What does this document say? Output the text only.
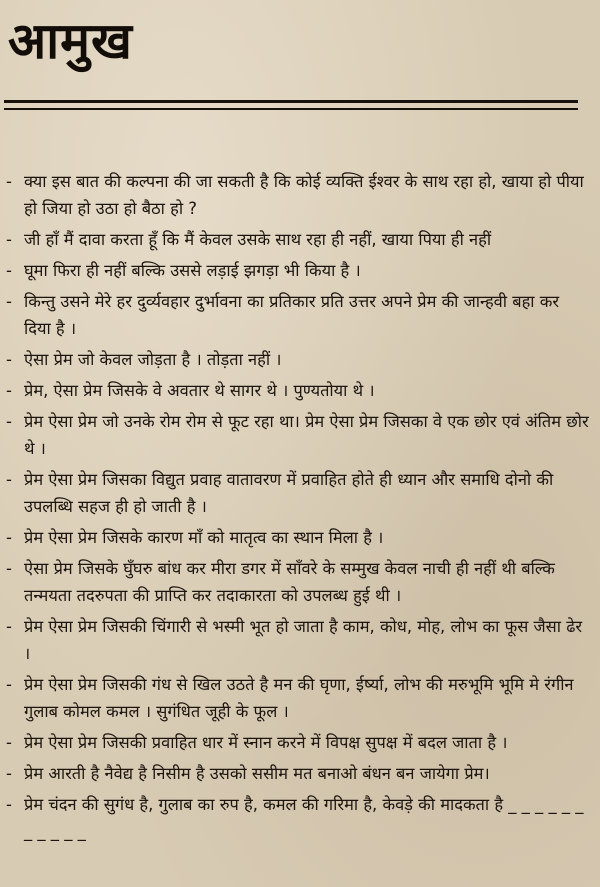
आमुख
- क्या इस बात की कल्पना की जा सकती है कि कोई व्यक्ति ईश्वर के साथ रहा हो, खाया हो पीया हो जिया हो उठा हो बैठा हो ?
- जी हाँ मैं दावा करता हूँ कि मैं केवल उसके साथ रहा ही नहीं, खाया पिया ही नहीं
- घूमा फिरा ही नहीं बल्कि उससे लड़ाई झगड़ा भी किया है ।
- किन्तु उसने मेरे हर दुर्व्यवहार दुर्भावना का प्रतिकार प्रति उत्तर अपने प्रेम की जान्हवी बहा कर दिया है ।
- ऐसा प्रेम जो केवल जोड़ता है । तोड़ता नहीं ।
- प्रेम, ऐसा प्रेम जिसके वे अवतार थे सागर थे । पुण्यतोया थे ।
- प्रेम ऐसा प्रेम जो उनके रोम रोम से फूट रहा था। प्रेम ऐसा प्रेम जिसका वे एक छोर एवं अंतिम छोर थे ।
- प्रेम ऐसा प्रेम जिसका विद्युत प्रवाह वातावरण में प्रवाहित होते ही ध्यान और समाधि दोनो की उपलब्धि सहज ही हो जाती है ।
- प्रेम ऐसा प्रेम जिसके कारण माँ को मातृत्व का स्थान मिला है ।
- ऐसा प्रेम जिसके घुँघरु बांध कर मीरा डगर में साँवरे के सम्मुख केवल नाची ही नहीं थी बल्कि तन्मयता तदरुपता की प्राप्ति कर तदाकारता को उपलब्ध हुई थी ।
- प्रेम ऐसा प्रेम जिसकी चिंगारी से भस्मी भूत हो जाता है काम, कोध, मोह, लोभ का फूस जैसा ढेर ।
- प्रेम ऐसा प्रेम जिसकी गंध से खिल उठते है मन की घृणा, ईर्ष्या, लोभ की मरुभूमि भूमि मे रंगीन गुलाब कोमल कमल । सुगंधित जूही के फूल ।
- प्रेम ऐसा प्रेम जिसकी प्रवाहित धार में स्नान करने में विपक्ष सुपक्ष में बदल जाता है ।
- प्रेम आरती है नैवेद्य है निसीम है उसको ससीम मत बनाओ बंधन बन जायेगा प्रेम।
- प्रेम चंदन की सुगंध है, गुलाब का रुप है, कमल की गरिमा है, केवड़े की मादकता है _ _ _ _ _ _ _ _ _ _ _
